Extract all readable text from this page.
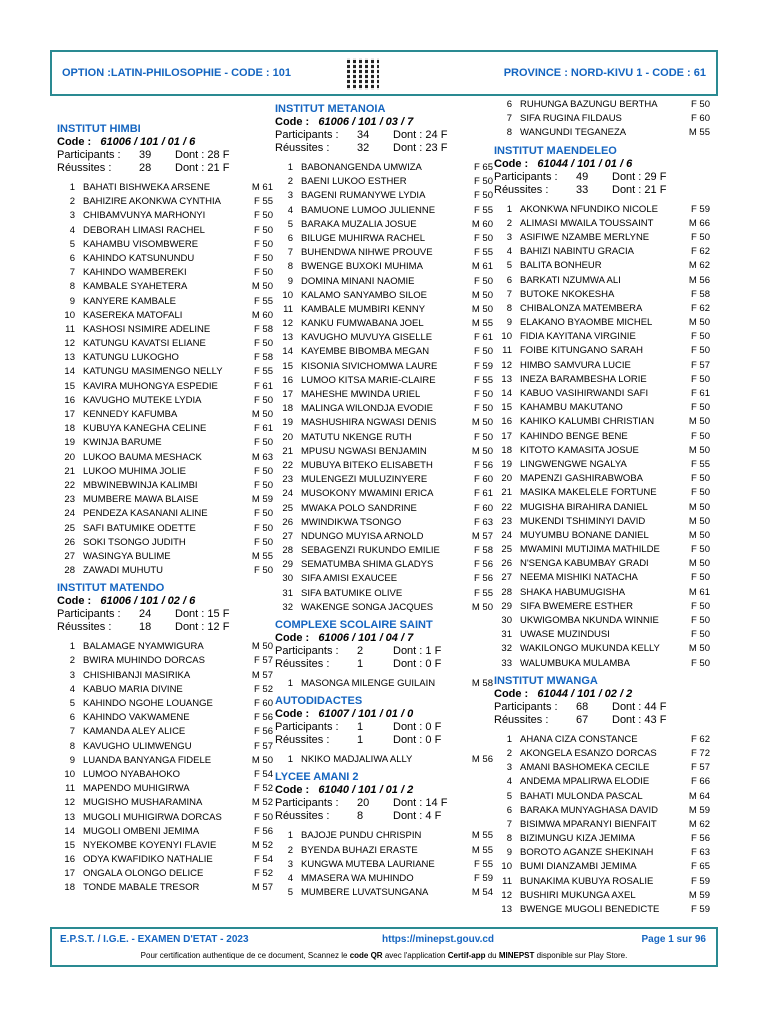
OPTION :LATIN-PHILOSOPHIE - CODE : 101	PROVINCE : NORD-KIVU 1 - CODE : 61
INSTITUT HIMBI
Code : 61006 / 101 / 01 / 6
Participants : 39 Dont : 28 F
Réussites :	28 Dont : 21 F
1 BAHATI BISHWEKA ARSENE	M 61
2 BAHIZIRE AKONKWA CYNTHIA	F 55
3 CHIBAMVUNYA MARHONYI	F 50
4 DEBORAH LIMASI RACHEL	F 50
5 KAHAMBU VISOMBWERE	F 50
6 KAHINDO KATSUNUNDU	F 50
7 KAHINDO WAMBEREKI	F 50
8 KAMBALE SYAHETERA	M 50
9 KANYERE KAMBALE	F 55
10 KASEREKA MATOFALI	M 60
11 KASHOSI NSIMIRE ADELINE	F 58
12 KATUNGU KAVATSI ELIANE	F 50
13 KATUNGU LUKOGHO	F 58
14 KATUNGU MASIMENGO NELLY	F 55
15 KAVIRA MUHONGYA ESPEDIE	F 61
16 KAVUGHO MUTEKE LYDIA	F 50
17 KENNEDY KAFUMBA	M 50
18 KUBUYA KANEGHA CELINE	F 61
19 KWINJA BARUME	F 50
20 LUKOO BAUMA MESHACK	M 63
21 LUKOO MUHIMA JOLIE	F 50
22 MBWINEBWINJA KALIMBI	F 50
23 MUMBERE MAWA BLAISE	M 59
24 PENDEZA KASANANI ALINE	F 50
25 SAFI BATUMIKE ODETTE	F 50
26 SOKI TSONGO JUDITH	F 50
27 WASINGYA BULIME	M 55
28 ZAWADI MUHUTU	F 50
INSTITUT MATENDO
Code : 61006 / 101 / 02 / 6
Participants : 24 Dont : 15 F
Réussites :	18 Dont : 12 F
1 BALAMAGE NYAMWIGURA	M 50
2 BWIRA MUHINDO DORCAS	F 57
3 CHISHIBANJI MASIRIKA	M 57
4 KABUO MARIA DIVINE	F 52
5 KAHINDO NGOHE LOUANGE	F 60
6 KAHINDO VAKWAMENE	F 56
7 KAMANDA ALEY ALICE	F 56
8 KAVUGHO ULIMWENGU	F 57
9 LUANDA BANYANGA FIDELE	M 50
10 LUMOO NYABAHOKO	F 54
11 MAPENDO MUHIGIRWA	F 52
12 MUGISHO MUSHARAMINA	M 52
13 MUGOLI MUHIGIRWA DORCAS	F 50
14 MUGOLI OMBENI JEMIMA	F 56
15 NYEKOMBE KOYENYI FLAVIE	M 52
16 ODYA KWAFIDIKO NATHALIE	F 54
17 ONGALA OLONGO DELICE	F 52
18 TONDE MABALE TRESOR	M 57
INSTITUT METANOIA
Code : 61006 / 101 / 03 / 7
Participants : 34 Dont : 24 F
Réussites :	32 Dont : 23 F
1 BABONANGENDA UMWIZA	F 65
2 BAENI LUKOO ESTHER	F 50
3 BAGENI RUMANYWE LYDIA	F 50
4 BAMUONE LUMOO JULIENNE	F 55
5 BARAKA MUZALIA JOSUE	M 60
6 BILUGE MUHIRWA RACHEL	F 50
7 BUHENDWA NIHWE PROUVE	F 55
8 BWENGE BUXOKI MUHIMA	M 61
9 DOMINA MINANI NAOMIE	F 50
10 KALAMO SANYAMBO SILOE	M 50
11 KAMBALE MUMBIRI KENNY	M 50
12 KANKU FUMWABANA JOEL	M 55
13 KAVUGHO MUVUYA GISELLE	F 61
14 KAYEMBE BIBOMBA MEGAN	F 50
15 KISONIA SIVICHOMWA LAURE	F 59
16 LUMOO KITSA MARIE-CLAIRE	F 55
17 MAHESHE MWINDA URIEL	F 50
18 MALINGA WILONDJA EVODIE	F 50
19 MASHUSHIRA NGWASI DENIS	M 50
20 MATUTU NKENGE RUTH	F 50
21 MPUSU NGWASI BENJAMIN	M 50
22 MUBUYA BITEKO ELISABETH	F 56
23 MULENGEZI MULUZINYERE	F 60
24 MUSOKONY MWAMINI ERICA	F 61
25 MWAKA POLO SANDRINE	F 60
26 MWINDIKWA TSONGO	F 63
27 NDUNGO MUYISA ARNOLD	M 57
28 SEBAGENZI RUKUNDO EMILIE	F 58
29 SEMATUMBA SHIMA GLADYS	F 56
30 SIFA AMISI EXAUCEE	F 56
31 SIFA BATUMIKE OLIVE	F 55
32 WAKENGE SONGA JACQUES	M 50
COMPLEXE SCOLAIRE SAINT
Code : 61006 / 101 / 04 / 7
Participants : 2	Dont : 1 F
Réussites :	1	Dont : 0 F
1 MASONGA MILENGE GUILAIN	M 58
AUTODIDACTES
Code : 61007 / 101 / 01 / 0
Participants : 1	Dont : 0 F
Réussites :	1	Dont : 0 F
1 NKIKO MADJALIWA ALLY	M 56
LYCEE AMANI 2
Code : 61040 / 101 / 01 / 2
Participants : 20 Dont : 14 F
Réussites :	8	Dont : 4 F
1 BAJOJE PUNDU CHRISPIN	M 55
2 BYENDA BUHAZI ERASTE	M 55
3 KUNGWA MUTEBA LAURIANE	F 55
4 MMASERA WA MUHINDO	F 59
5 MUMBERE LUVATSUNGANA	M 54
6 RUHUNGA BAZUNGU BERTHA	F 50
7 SIFA RUGINA FILDAUS	F 60
8 WANGUNDI TEGANEZA	M 55
INSTITUT MAENDELEO
Code : 61044 / 101 / 01 / 6
Participants : 49 Dont : 29 F
Réussites :	33 Dont : 21 F
1 AKONKWA NFUNDIKO NICOLE	F 59
2 ALIMASI MWAILA TOUSSAINT	M 66
3 ASIFIWE NZAMBE MERLYNE	F 50
4 BAHIZI NABINTU GRACIA	F 62
5 BALITA BONHEUR	M 62
6 BARKATI NZUMWA ALI	M 56
7 BUTOKE NKOKESHA	F 58
8 CHIBALONZA MATEMBERA	F 62
9 ELAKANO BYAOMBE MICHEL	M 50
10 FIDIA KAYITANA VIRGINIE	F 50
11 FOIBE KITUNGANO SARAH	F 50
12 HIMBO SAMVURA LUCIE	F 57
13 INEZA BARAMBESHA LORIE	F 50
14 KABUO VASIHIRWANDI SAFI	F 61
15 KAHAMBU MAKUTANO	F 50
16 KAHIKO KALUMBI CHRISTIAN	M 50
17 KAHINDO BENGE BENE	F 50
18 KITOTO KAMASITA JOSUE	M 50
19 LINGWENGWE NGALYA	F 55
20 MAPENZI GASHIRABWOBA	F 50
21 MASIKA MAKELELE FORTUNE	F 50
22 MUGISHA BIRAHIRA DANIEL	M 50
23 MUKENDI TSHIMINYI DAVID	M 50
24 MUYUMBU BONANE DANIEL	M 50
25 MWAMINI MUTIJIMA MATHILDE	F 50
26 N'SENGA KABUMBAY GRADI	M 50
27 NEEMA MISHIKI NATACHA	F 50
28 SHAKA HABUMUGISHA	M 61
29 SIFA BWEMERE ESTHER	F 50
30 UKWIGOMBA NKUNDA WINNIE	F 50
31 UWASE MUZINDUSI	F 50
32 WAKILONGO MUKUNDA KELLY	M 50
33 WALUMBUKA MULAMBA	F 50
INSTITUT MWANGA
Code : 61044 / 101 / 02 / 2
Participants : 68 Dont : 44 F
Réussites :	67 Dont : 43 F
1 AHANA CIZA CONSTANCE	F 62
2 AKONGELA ESANZO DORCAS	F 72
3 AMANI BASHOMEKA CECILE	F 57
4 ANDEMA MPALIRWA ELODIE	F 66
5 BAHATI MULONDA PASCAL	M 64
6 BARAKA MUNYAGHASA DAVID	M 59
7 BISIMWA MPARANYI BIENFAIT	M 62
8 BIZIMUNGU KIZA JEMIMA	F 56
9 BOROTO AGANZE SHEKINAH	F 63
10 BUMI DIANZAMBI JEMIMA	F 65
11 BUNAKIMA KUBUYA ROSALIE	F 59
12 BUSHIRI MUKUNGA AXEL	M 59
13 BWENGE MUGOLI BENEDICTE	F 59
E.P.S.T. / I.G.E. - EXAMEN D'ETAT - 2023	https://minepst.gouv.cd	Page 1 sur 96
Pour certification authentique de ce document, Scannez le code QR avec l'application Certif-app du MINEPST disponible sur Play Store.
